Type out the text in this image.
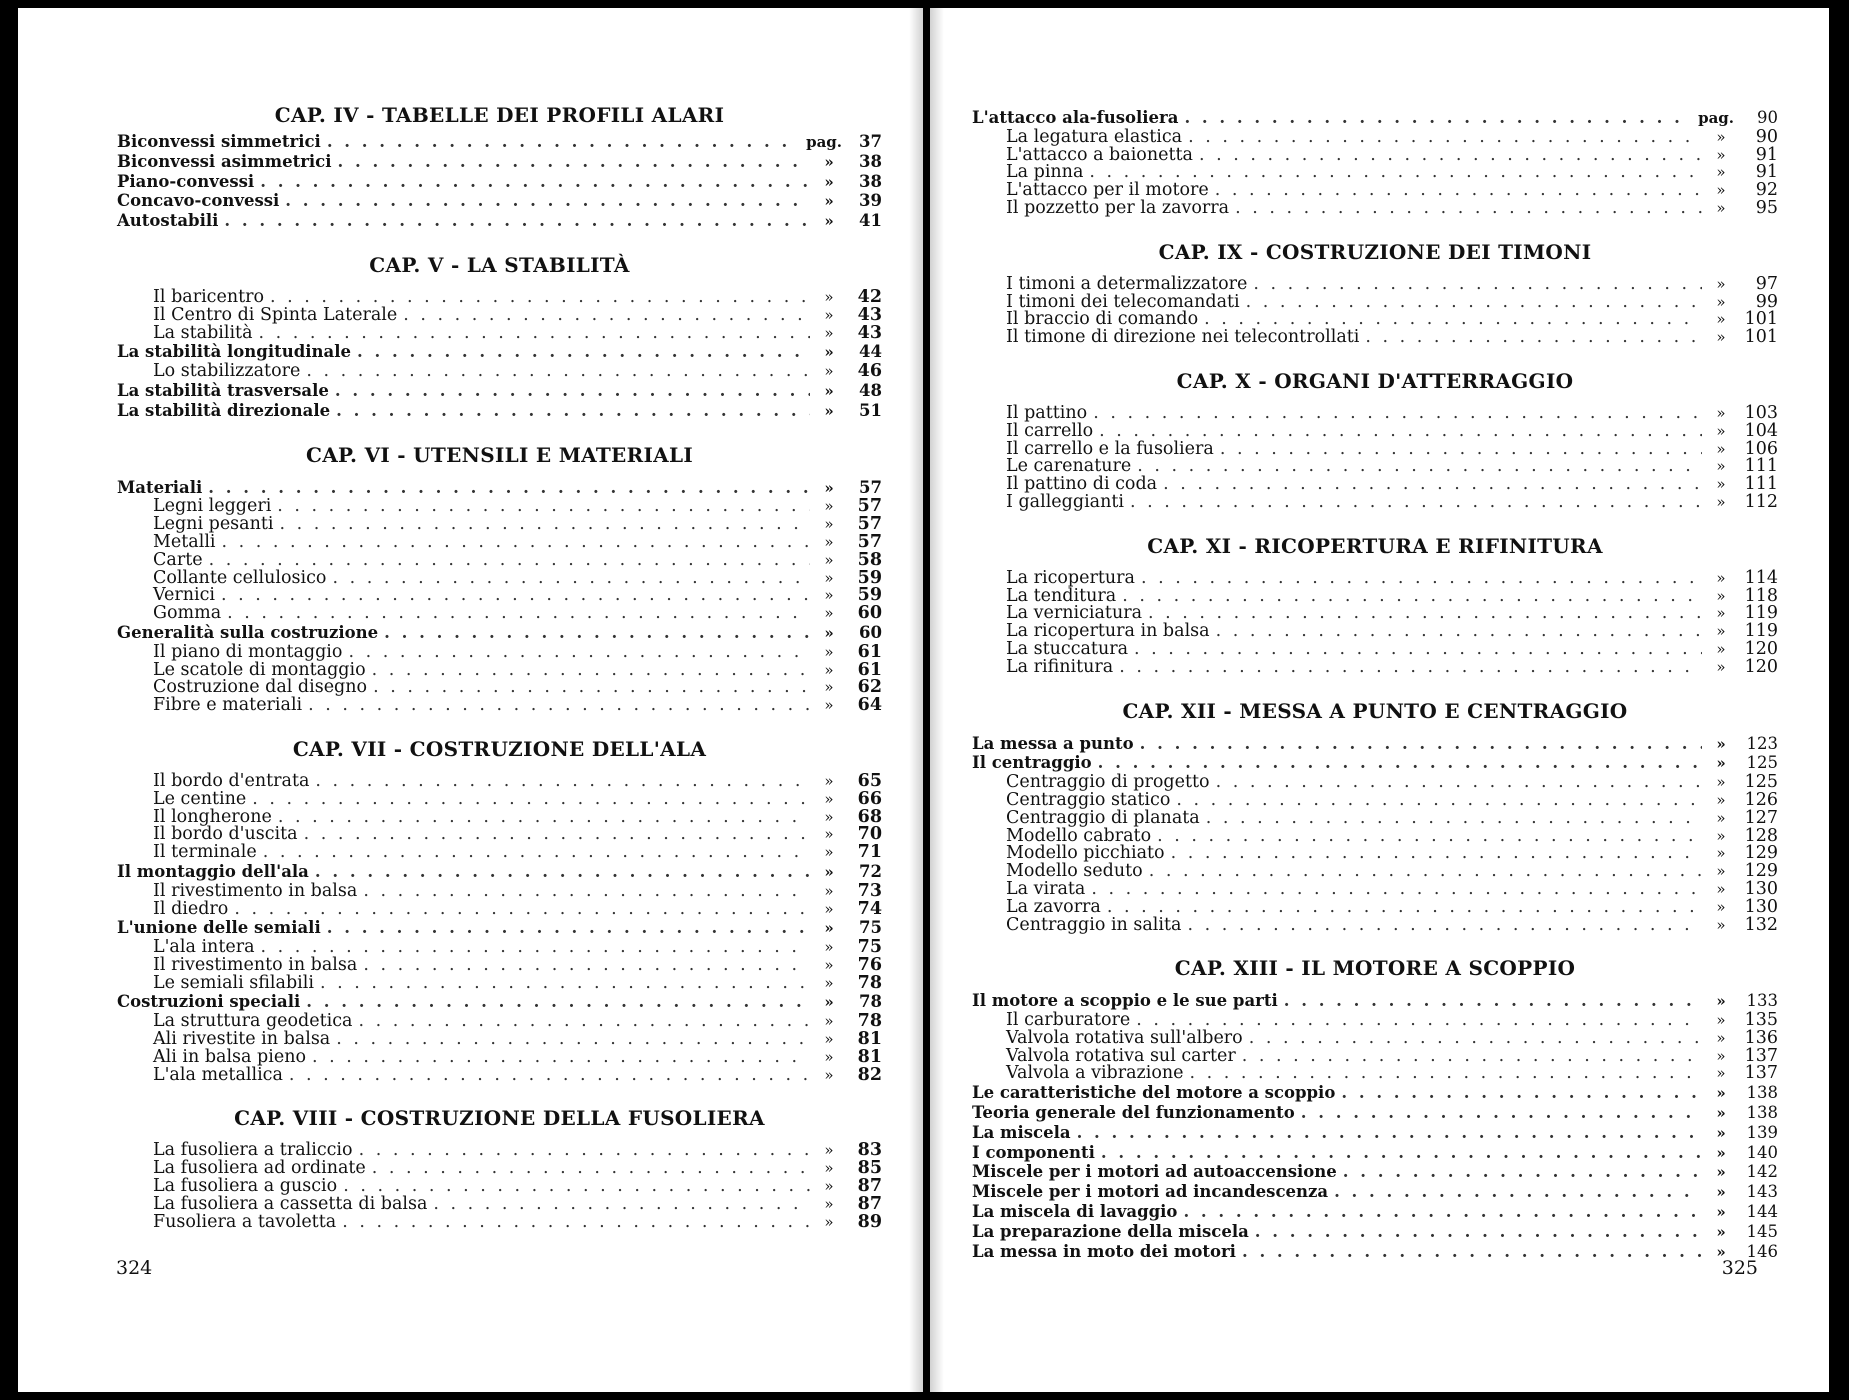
CAP. IV - TABELLE DEI PROFILI ALARI
Biconvessi simmetrici . . .	pag.	37
Biconvessi asimmetrici . . .	»	38
Piano-convessi . . .	»	38
Concavo-convessi . . .	»	39
Autostabili . . .	»	41
CAP. V - LA STABILITÀ
Il baricentro . . .	»	42
Il Centro di Spinta Laterale . . .	»	43
La stabilità . . .	»	43
La stabilità longitudinale . . .	»	44
Lo stabilizzatore . . .	»	46
La stabilità trasversale . . .	»	48
La stabilità direzionale . . .	»	51
CAP. VI - UTENSILI E MATERIALI
Materiali . . .	»	57
Legni leggeri . . .	»	57
Legni pesanti . . .	»	57
Metalli . . .	»	57
Carte . . .	»	58
Collante cellulosico . . .	»	59
Vernici . . .	»	59
Gomma . . .	»	60
Generalità sulla costruzione . . .	»	60
Il piano di montaggio . . .	»	61
Le scatole di montaggio . . .	»	61
Costruzione dal disegno . . .	»	62
Fibre e materiali . . .	»	64
CAP. VII - COSTRUZIONE DELL'ALA
Il bordo d'entrata . . .	»	65
Le centine . . .	»	66
Il longherone . . .	»	68
Il bordo d'uscita . . .	»	70
Il terminale . . .	»	71
Il montaggio dell'ala . . .	»	72
Il rivestimento in balsa . . .	»	73
Il diedro . . .	»	74
L'unione delle semiali . . .	»	75
L'ala intera . . .	»	75
Il rivestimento in balsa . . .	»	76
Le semiali sfilabili . . .	»	78
Costruzioni speciali . . .	»	78
La struttura geodetica . . .	»	78
Ali rivestite in balsa . . .	»	81
Ali in balsa pieno . . .	»	81
L'ala metallica . . .	»	82
CAP. VIII - COSTRUZIONE DELLA FUSOLIERA
La fusoliera a traliccio . . .	»	83
La fusoliera ad ordinate . . .	»	85
La fusoliera a guscio . . .	»	87
La fusoliera a cassetta di balsa . . .	»	87
Fusoliera a tavoletta . . .	»	89
324
L'attacco ala-fusoliera . . .	pag.	90
La legatura elastica . . .	»	90
L'attacco a baionetta . . .	»	91
La pinna . . .	»	91
L'attacco per il motore . . .	»	92
Il pozzetto per la zavorra . . .	»	95
CAP. IX - COSTRUZIONE DEI TIMONI
I timoni a determalizzatore . . .	»	97
I timoni dei telecomandati . . .	»	99
Il braccio di comando . . .	»	101
Il timone di direzione nei telecontrollati . . .	»	101
CAP. X - ORGANI D'ATTERRAGGIO
Il pattino . . .	»	103
Il carrello . . .	»	104
Il carrello e la fusoliera . . .	»	106
Le carenature . . .	»	111
Il pattino di coda . . .	»	111
I galleggianti . . .	»	112
CAP. XI - RICOPERTURA E RIFINITURA
La ricopertura . . .	»	114
La tenditura . . .	»	118
La verniciatura . . .	»	119
La ricopertura in balsa . . .	»	119
La stuccatura . . .	»	120
La rifinitura . . .	»	120
CAP. XII - MESSA A PUNTO E CENTRAGGIO
La messa a punto . . .	»	123
Il centraggio . . .	»	125
Centraggio di progetto . . .	»	125
Centraggio statico . . .	»	126
Centraggio di planata . . .	»	127
Modello cabrato . . .	»	128
Modello picchiato . . .	»	129
Modello seduto . . .	»	129
La virata . . .	»	130
La zavorra . . .	»	130
Centraggio in salita . . .	»	132
CAP. XIII - IL MOTORE A SCOPPIO
Il motore a scoppio e le sue parti . . .	»	133
Il carburatore . . .	»	135
Valvola rotativa sull'albero . . .	»	136
Valvola rotativa sul carter . . .	»	137
Valvola a vibrazione . . .	»	137
Le caratteristiche del motore a scoppio . . .	»	138
Teoria generale del funzionamento . . .	»	138
La miscela . . .	»	139
I componenti . . .	»	140
Miscele per i motori ad autoaccensione . . .	»	142
Miscele per i motori ad incandescenza . . .	»	143
La miscela di lavaggio . . .	»	144
La preparazione della miscela . . .	»	145
La messa in moto dei motori . . .	»	146
325
